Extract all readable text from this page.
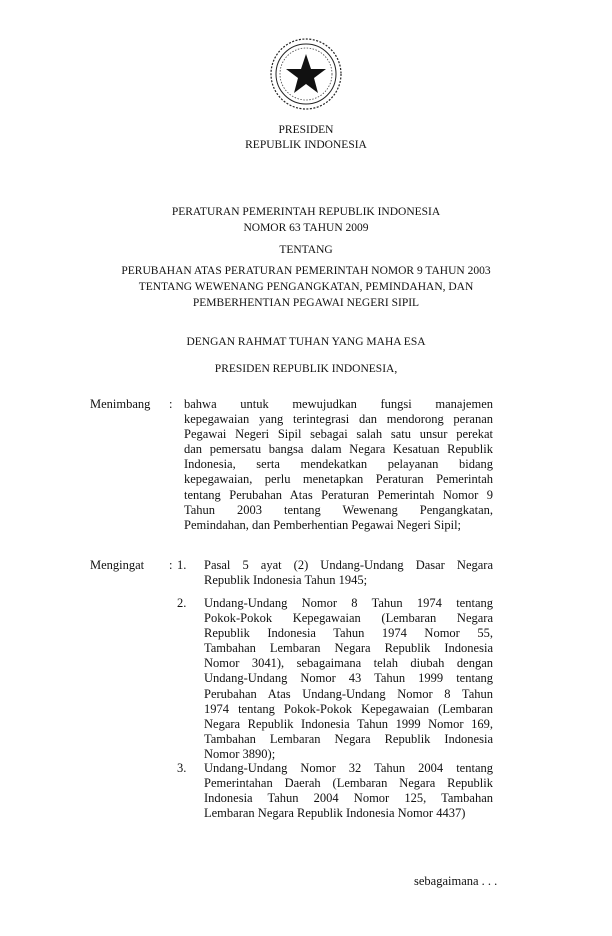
PRESIDEN
REPUBLIK INDONESIA
PERATURAN PEMERINTAH REPUBLIK INDONESIA
NOMOR 63 TAHUN 2009
TENTANG
PERUBAHAN ATAS PERATURAN PEMERINTAH NOMOR 9 TAHUN 2003
TENTANG WEWENANG PENGANGKATAN, PEMINDAHAN, DAN
PEMBERHENTIAN PEGAWAI NEGERI SIPIL
DENGAN RAHMAT TUHAN YANG MAHA ESA
PRESIDEN REPUBLIK INDONESIA,
Menimbang : bahwa untuk mewujudkan fungsi manajemen
kepegawaian yang terintegrasi dan mendorong peranan
Pegawai Negeri Sipil sebagai salah satu unsur perekat
dan pemersatu bangsa dalam Negara Kesatuan Republik
Indonesia, serta mendekatkan pelayanan bidang
kepegawaian, perlu menetapkan Peraturan Pemerintah
tentang Perubahan Atas Peraturan Pemerintah Nomor 9
Tahun 2003 tentang Wewenang Pengangkatan,
Pemindahan, dan Pemberhentian Pegawai Negeri Sipil;
Mengingat : 1. Pasal 5 ayat (2) Undang-Undang Dasar Negara
Republik Indonesia Tahun 1945;
2. Undang-Undang Nomor 8 Tahun 1974 tentang
Pokok-Pokok Kepegawaian (Lembaran Negara
Republik Indonesia Tahun 1974 Nomor 55,
Tambahan Lembaran Negara Republik Indonesia
Nomor 3041), sebagaimana telah diubah dengan
Undang-Undang Nomor 43 Tahun 1999 tentang
Perubahan Atas Undang-Undang Nomor 8 Tahun
1974 tentang Pokok-Pokok Kepegawaian (Lembaran
Negara Republik Indonesia Tahun 1999 Nomor 169,
Tambahan Lembaran Negara Republik Indonesia
Nomor 3890);
3. Undang-Undang Nomor 32 Tahun 2004 tentang
Pemerintahan Daerah (Lembaran Negara Republik
Indonesia Tahun 2004 Nomor 125, Tambahan
Lembaran Negara Republik Indonesia Nomor 4437)
sebagaimana . . .
